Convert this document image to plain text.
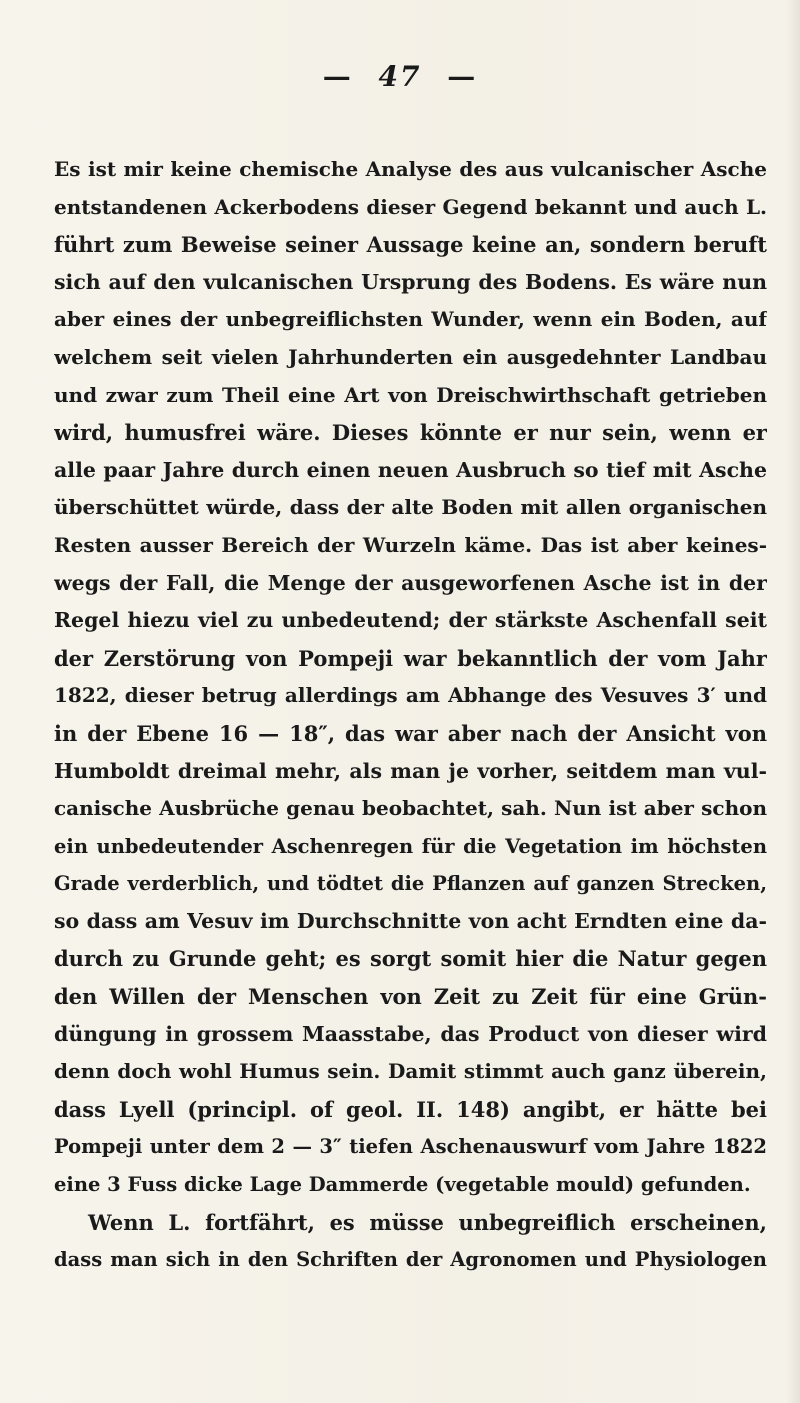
— 47 —
Es ist mir keine chemische Analyse des aus vulcanischer Asche
entstandenen Ackerbodens dieser Gegend bekannt und auch L.
führt zum Beweise seiner Aussage keine an, sondern beruft
sich auf den vulcanischen Ursprung des Bodens. Es wäre nun
aber eines der unbegreiflichsten Wunder, wenn ein Boden, auf
welchem seit vielen Jahrhunderten ein ausgedehnter Landbau
und zwar zum Theil eine Art von Dreischwirthschaft getrieben
wird, humusfrei wäre. Dieses könnte er nur sein, wenn er
alle paar Jahre durch einen neuen Ausbruch so tief mit Asche
überschüttet würde, dass der alte Boden mit allen organischen
Resten ausser Bereich der Wurzeln käme. Das ist aber keines-
wegs der Fall, die Menge der ausgeworfenen Asche ist in der
Regel hiezu viel zu unbedeutend; der stärkste Aschenfall seit
der Zerstörung von Pompeji war bekanntlich der vom Jahr
1822, dieser betrug allerdings am Abhange des Vesuves 3′ und
in der Ebene 16 — 18″, das war aber nach der Ansicht von
Humboldt dreimal mehr, als man je vorher, seitdem man vul-
canische Ausbrüche genau beobachtet, sah. Nun ist aber schon
ein unbedeutender Aschenregen für die Vegetation im höchsten
Grade verderblich, und tödtet die Pflanzen auf ganzen Strecken,
so dass am Vesuv im Durchschnitte von acht Erndten eine da-
durch zu Grunde geht; es sorgt somit hier die Natur gegen
den Willen der Menschen von Zeit zu Zeit für eine Grün-
düngung in grossem Maasstabe, das Product von dieser wird
denn doch wohl Humus sein. Damit stimmt auch ganz überein,
dass Lyell (principl. of geol. II. 148) angibt, er hätte bei
Pompeji unter dem 2 — 3″ tiefen Aschenauswurf vom Jahre 1822
eine 3 Fuss dicke Lage Dammerde (vegetable mould) gefunden.
Wenn L. fortfährt, es müsse unbegreiflich erscheinen,
dass man sich in den Schriften der Agronomen und Physiologen
